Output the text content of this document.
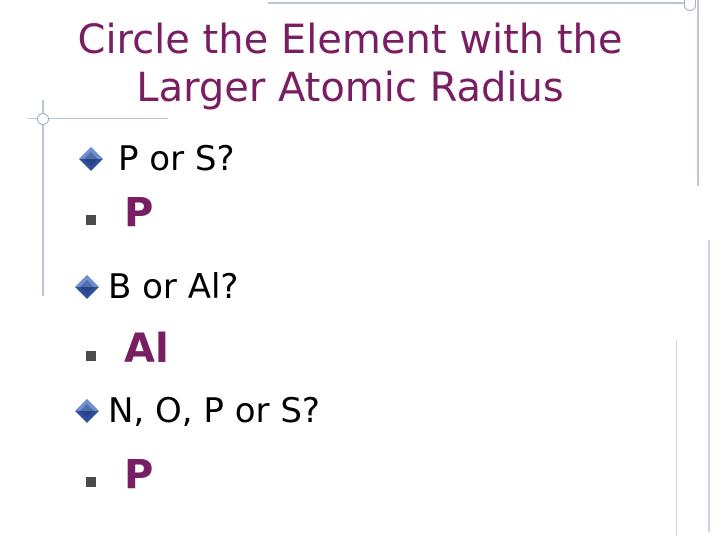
Circle the Element with the
Larger Atomic Radius
P or S?
P
B or Al?
Al
N, O, P or S?
P
